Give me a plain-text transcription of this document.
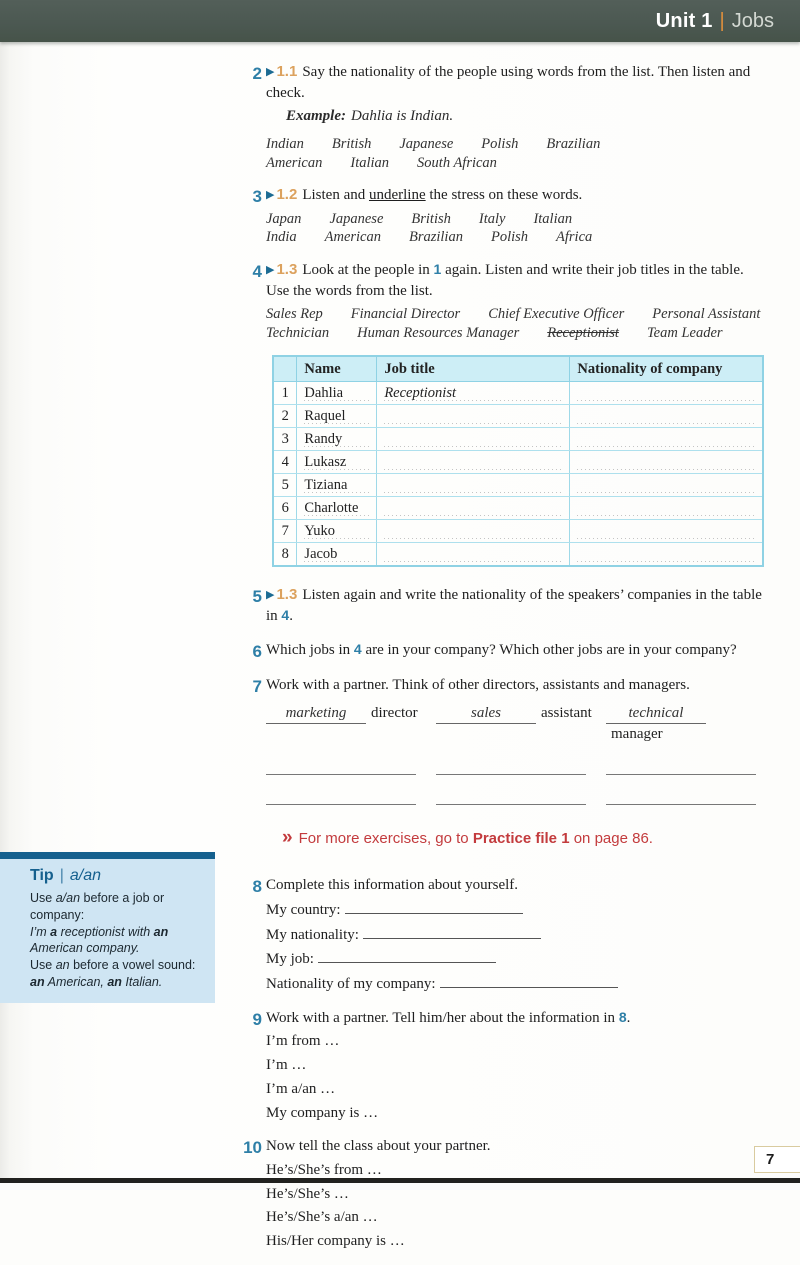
Unit 1 | Jobs
2 ▶ 1.1 Say the nationality of the people using words from the list. Then listen and check.

Example: Dahlia is Indian.

Indian British Japanese Polish Brazilian
American Italian South African
3 ▶ 1.2 Listen and underline the stress on these words.

Japan Japanese British Italy Italian
India American Brazilian Polish Africa
4 ▶ 1.3 Look at the people in 1 again. Listen and write their job titles in the table. Use the words from the list.

Sales Rep Financial Director Chief Executive Officer Personal Assistant
Technician Human Resources Manager Receptionist Team Leader
	Name	Job title	Nationality of company
1	Dahlia	Receptionist	
2	Raquel		
3	Randy		
4	Lukasz		
5	Tiziana		
6	Charlotte		
7	Yuko		
8	Jacob		
5 ▶ 1.3 Listen again and write the nationality of the speakers’ companies in the table in 4.

6 Which jobs in 4 are in your company? Which other jobs are in your company?

7 Work with a partner. Think of other directors, assistants and managers.

marketing director	sales	assistant	technicalmanager

» For more exercises, go to Practice file 1 on page 86.

8 Complete this information about yourself.

My country:
My nationality:
My job:
Nationality of my company:
9 Work with a partner. Tell him/her about the information in 8.

I’m from …
I’m …
I’m a/an …
My company is …
10 Now tell the class about your partner.

He’s/She’s from …
He’s/She’s …
He’s/She’s a/an …
His/Her company is …
Tip | a/an
Use a/an before a job or company:
I’m a receptionist with an American company.
Use an before a vowel sound:
an American, an Italian.
7
